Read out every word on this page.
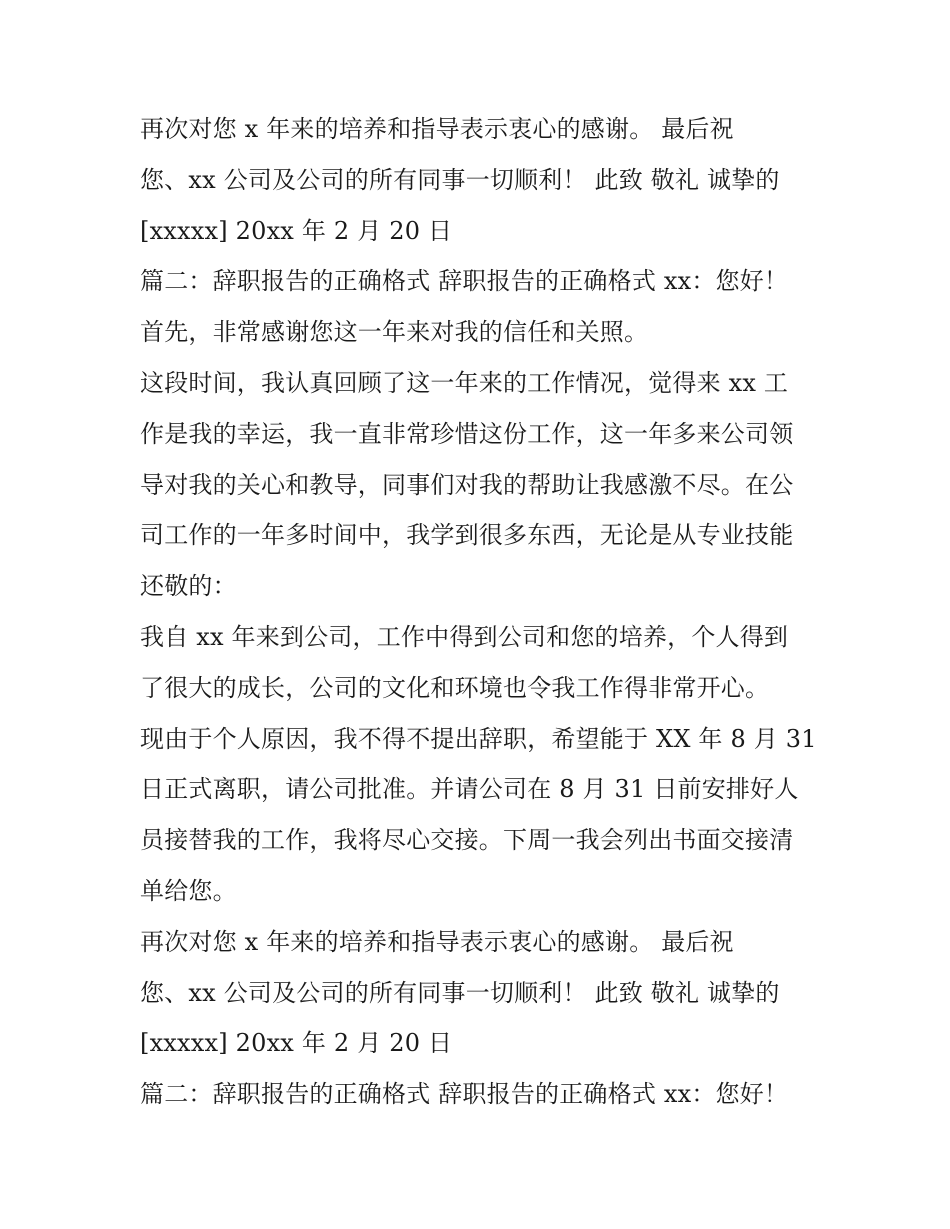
再次对您 x 年来的培养和指导表示衷心的感谢。 最后祝
您、xx 公司及公司的所有同事一切顺利！ 此致 敬礼 诚挚的
[xxxxx] 20xx 年 2 月 20 日
篇二：辞职报告的正确格式 辞职报告的正确格式 xx：您好！
首先，非常感谢您这一年来对我的信任和关照。
这段时间，我认真回顾了这一年来的工作情况，觉得来 xx 工
作是我的幸运，我一直非常珍惜这份工作，这一年多来公司领
导对我的关心和教导，同事们对我的帮助让我感激不尽。在公
司工作的一年多时间中，我学到很多东西，无论是从专业技能
还敬的：
我自 xx 年来到公司，工作中得到公司和您的培养，个人得到
了很大的成长，公司的文化和环境也令我工作得非常开心。
现由于个人原因，我不得不提出辞职，希望能于 XX 年 8 月 31
日正式离职，请公司批准。并请公司在 8 月 31 日前安排好人
员接替我的工作，我将尽心交接。下周一我会列出书面交接清
单给您。
再次对您 x 年来的培养和指导表示衷心的感谢。 最后祝
您、xx 公司及公司的所有同事一切顺利！ 此致 敬礼 诚挚的
[xxxxx] 20xx 年 2 月 20 日
篇二：辞职报告的正确格式 辞职报告的正确格式 xx：您好！
